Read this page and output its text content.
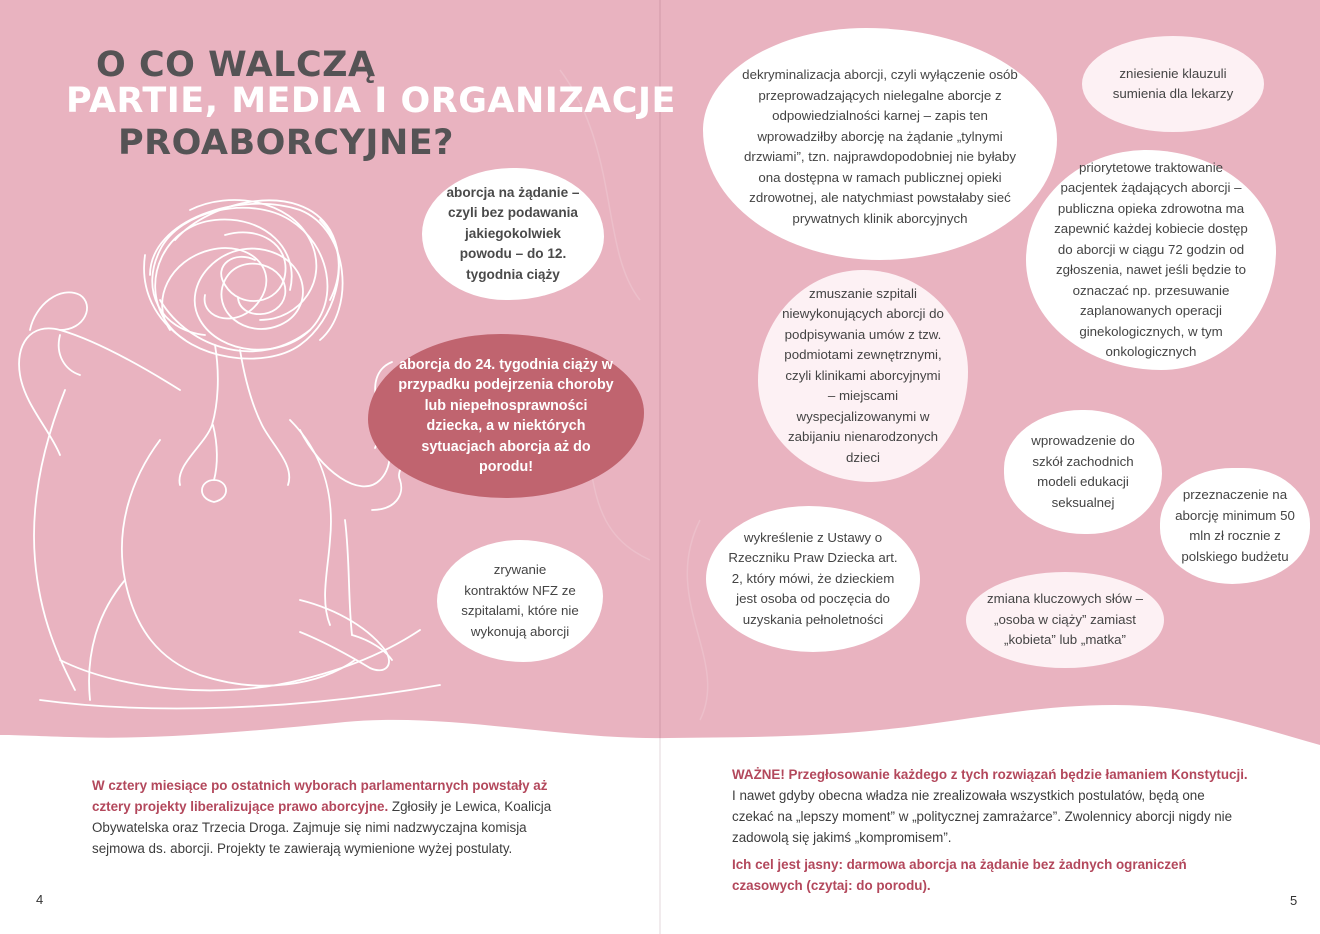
O CO WALCZĄ
PARTIE, MEDIA I ORGANIZACJE
PROABORCYJNE?
aborcja na żądanie – czyli bez podawania jakiegokolwiek powodu – do 12. tygodnia ciąży
aborcja do 24. tygodnia ciąży w przypadku podejrzenia choroby lub niepełnosprawności dziecka, a w niektórych sytuacjach aborcja aż do porodu!
zrywanie kontraktów NFZ ze szpitalami, które nie wykonują aborcji
dekryminalizacja aborcji, czyli wyłączenie osób przeprowadzających nielegalne aborcje z odpowiedzialności karnej – zapis ten wprowadziłby aborcję na żądanie „tylnymi drzwiami”, tzn. najprawdopodobniej nie byłaby ona dostępna w ramach publicznej opieki zdrowotnej, ale natychmiast powstałaby sieć prywatnych klinik aborcyjnych
zniesienie klauzuli sumienia dla lekarzy
priorytetowe traktowanie pacjentek żądających aborcji – publiczna opieka zdrowotna ma zapewnić każdej kobiecie dostęp do aborcji w ciągu 72 godzin od zgłoszenia, nawet jeśli będzie to oznaczać np. przesuwanie zaplanowanych operacji ginekologicznych, w tym onkologicznych
zmuszanie szpitali niewykonujących aborcji do podpisywania umów z tzw. podmiotami zewnętrznymi, czyli klinikami aborcyjnymi – miejscami wyspecjalizowanymi w zabijaniu nienarodzonych dzieci
wprowadzenie do szkół zachodnich modeli edukacji seksualnej	przeznaczenie na aborcję minimum 50 mln zł rocznie z polskiego budżetu
wykreślenie z Ustawy o Rzeczniku Praw Dziecka art. 2, który mówi, że dzieckiem jest osoba od poczęcia do uzyskania pełnoletności
zmiana kluczowych słów – „osoba w ciąży” zamiast „kobieta” lub „matka”

W cztery miesiące po ostatnich wyborach parlamentarnych powstały aż cztery projekty liberalizujące prawo aborcyjne. Zgłosiły je Lewica, Koalicja Obywatelska oraz Trzecia Droga. Zajmuje się nimi nadzwyczajna komisja sejmowa ds. aborcji. Projekty te zawierają wymienione wyżej postulaty.

WAŻNE! Przegłosowanie każdego z tych rozwiązań będzie łamaniem Konstytucji.
I nawet gdyby obecna władza nie zrealizowała wszystkich postulatów, będą one czekać na „lepszy moment” w „politycznej zamrażarce”. Zwolennicy aborcji nigdy nie zadowolą się jakimś „kompromisem”.

Ich cel jest jasny: darmowa aborcja na żądanie bez żadnych ograniczeń czasowych (czytaj: do porodu).

4	5
